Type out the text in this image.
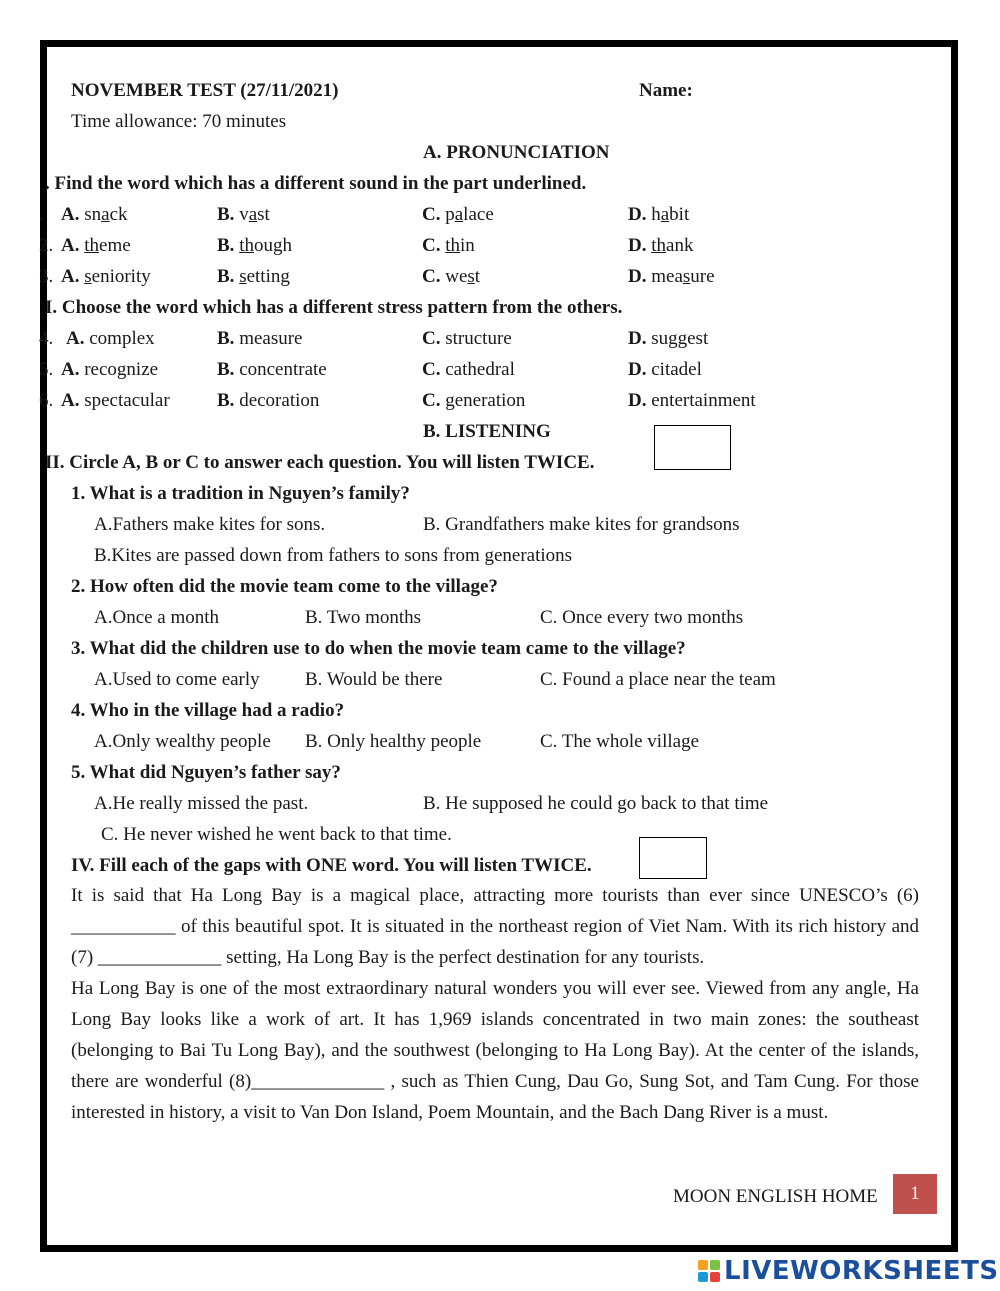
NOVEMBER TEST (27/11/2021)	Name:
Time allowance: 70 minutes
A. PRONUNCIATION
. Find the word which has a different sound in the part underlined.
. A. snack	B. vast	C. palace	D. habit
2. A. theme	B. though	C. thin	D. thank
3. A. seniority	B. setting	C. west	D. measure
I. Choose the word which has a different stress pattern from the others.
4. A. complex	B. measure	C. structure	D. suggest
5. A. recognize	B. concentrate	C. cathedral	D. citadel
6. A. spectacular B. decoration	C. generation	D. entertainment
B. LISTENING
II. Circle A, B or C to answer each question. You will listen TWICE.
1. What is a tradition in Nguyen’s family?
A.Fathers make kites for sons.	B. Grandfathers make kites for grandsons
B.Kites are passed down from fathers to sons from generations
2. How often did the movie team come to the village?
A.Once a month	B. Two months	C. Once every two months
3. What did the children use to do when the movie team came to the village?
A.Used to come early B. Would be there	C. Found a place near the team
4. Who in the village had a radio?
A.Only wealthy people B. Only healthy people	C. The whole village
5. What did Nguyen’s father say?
A.He really missed the past.	B. He supposed he could go back to that time
C. He never wished he went back to that time.
IV. Fill each of the gaps with ONE word. You will listen TWICE.
It is said that Ha Long Bay is a magical place, attracting more tourists than ever since UNESCO’s (6) ___________ of this beautiful spot. It is situated in the northeast region of Viet Nam. With its rich history and (7) _____________ setting, Ha Long Bay is the perfect destination for any tourists.
Ha Long Bay is one of the most extraordinary natural wonders you will ever see. Viewed from any angle, Ha Long Bay looks like a work of art. It has 1,969 islands concentrated in two main zones: the southeast (belonging to Bai Tu Long Bay), and the southwest (belonging to Ha Long Bay). At the center of the islands, there are wonderful (8)______________ , such as Thien Cung, Dau Go, Sung Sot, and Tam Cung. For those interested in history, a visit to Van Don Island, Poem Mountain, and the Bach Dang River is a must.
MOON ENGLISH HOME	1
LIVEWORKSHEETS
